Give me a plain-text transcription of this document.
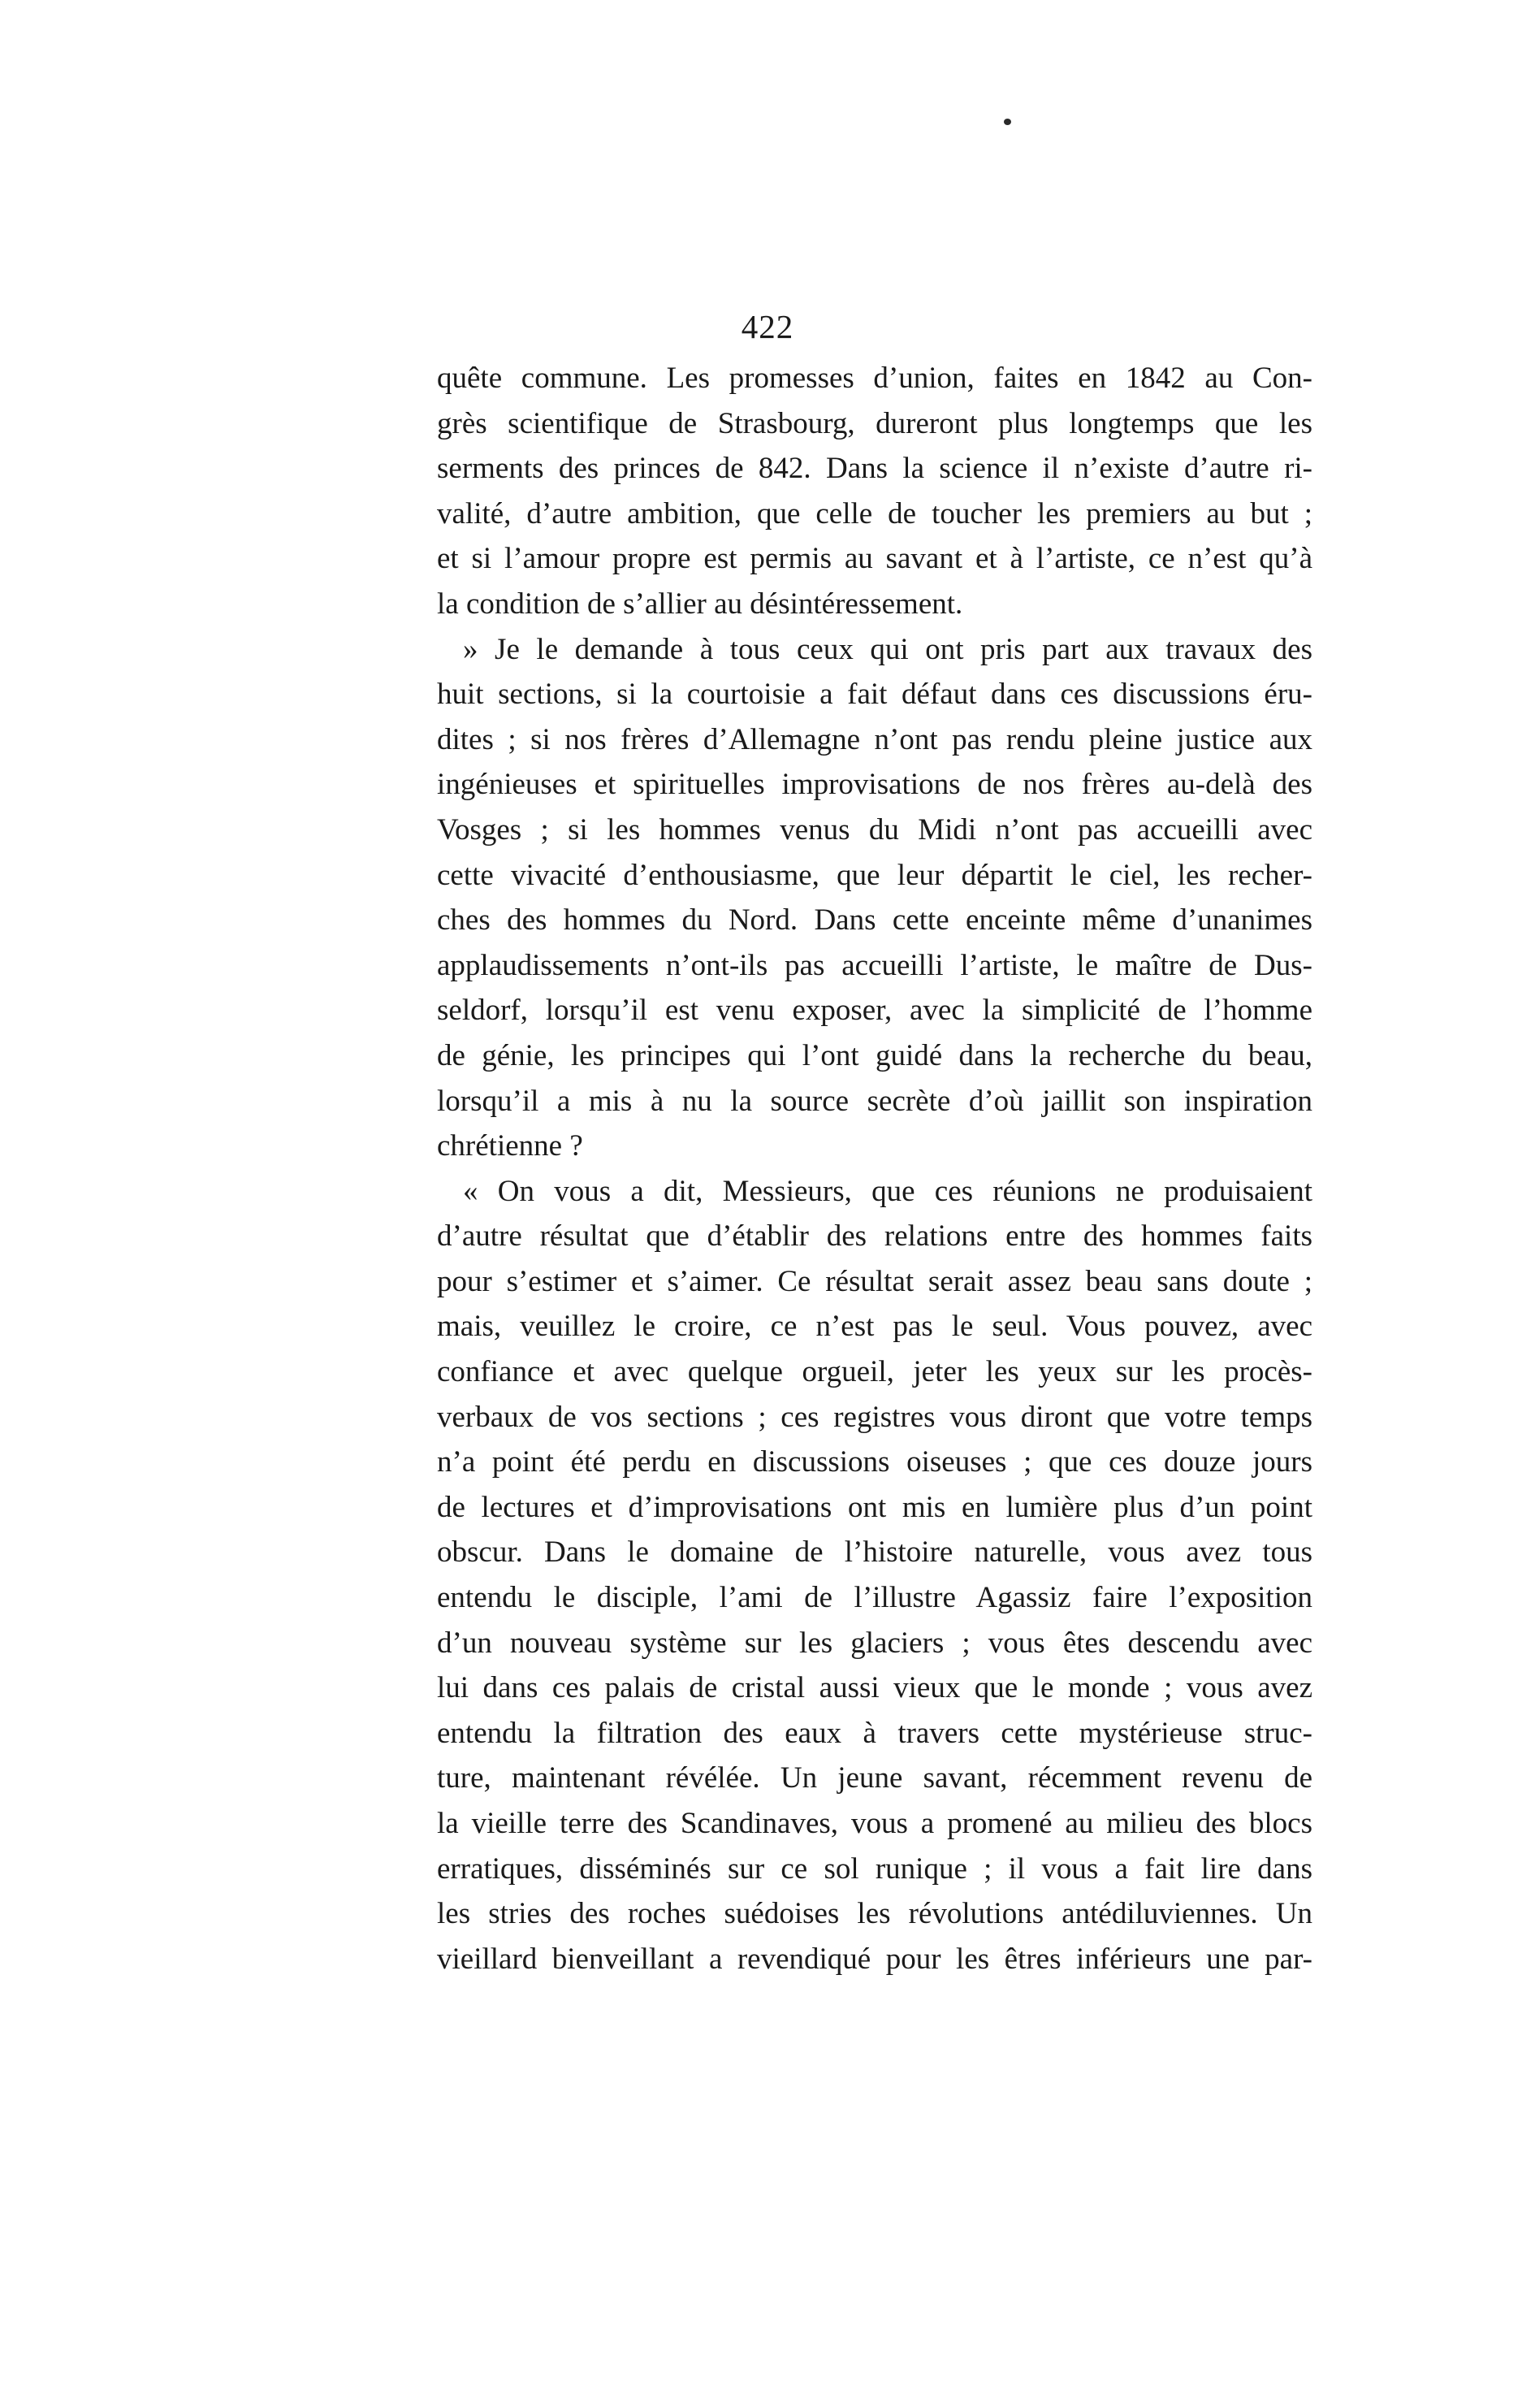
422
quête commune. Les promesses d’union, faites en 1842 au Con-
grès scientifique de Strasbourg, dureront plus longtemps que les
serments des princes de 842. Dans la science il n’existe d’autre ri-
valité, d’autre ambition, que celle de toucher les premiers au but ;
et si l’amour propre est permis au savant et à l’artiste, ce n’est qu’à
la condition de s’allier au désintéressement.
» Je le demande à tous ceux qui ont pris part aux travaux des
huit sections, si la courtoisie a fait défaut dans ces discussions éru-
dites ; si nos frères d’Allemagne n’ont pas rendu pleine justice aux
ingénieuses et spirituelles improvisations de nos frères au-delà des
Vosges ; si les hommes venus du Midi n’ont pas accueilli avec
cette vivacité d’enthousiasme, que leur départit le ciel, les recher-
ches des hommes du Nord. Dans cette enceinte même d’unanimes
applaudissements n’ont-ils pas accueilli l’artiste, le maître de Dus-
seldorf, lorsqu’il est venu exposer, avec la simplicité de l’homme
de génie, les principes qui l’ont guidé dans la recherche du beau,
lorsqu’il a mis à nu la source secrète d’où jaillit son inspiration
chrétienne ?
« On vous a dit, Messieurs, que ces réunions ne produisaient
d’autre résultat que d’établir des relations entre des hommes faits
pour s’estimer et s’aimer. Ce résultat serait assez beau sans doute ;
mais, veuillez le croire, ce n’est pas le seul. Vous pouvez, avec
confiance et avec quelque orgueil, jeter les yeux sur les procès-
verbaux de vos sections ; ces registres vous diront que votre temps
n’a point été perdu en discussions oiseuses ; que ces douze jours
de lectures et d’improvisations ont mis en lumière plus d’un point
obscur. Dans le domaine de l’histoire naturelle, vous avez tous
entendu le disciple, l’ami de l’illustre Agassiz faire l’exposition
d’un nouveau système sur les glaciers ; vous êtes descendu avec
lui dans ces palais de cristal aussi vieux que le monde ; vous avez
entendu la filtration des eaux à travers cette mystérieuse struc-
ture, maintenant révélée. Un jeune savant, récemment revenu de
la vieille terre des Scandinaves, vous a promené au milieu des blocs
erratiques, disséminés sur ce sol runique ; il vous a fait lire dans
les stries des roches suédoises les révolutions antédiluviennes. Un
vieillard bienveillant a revendiqué pour les êtres inférieurs une par-
